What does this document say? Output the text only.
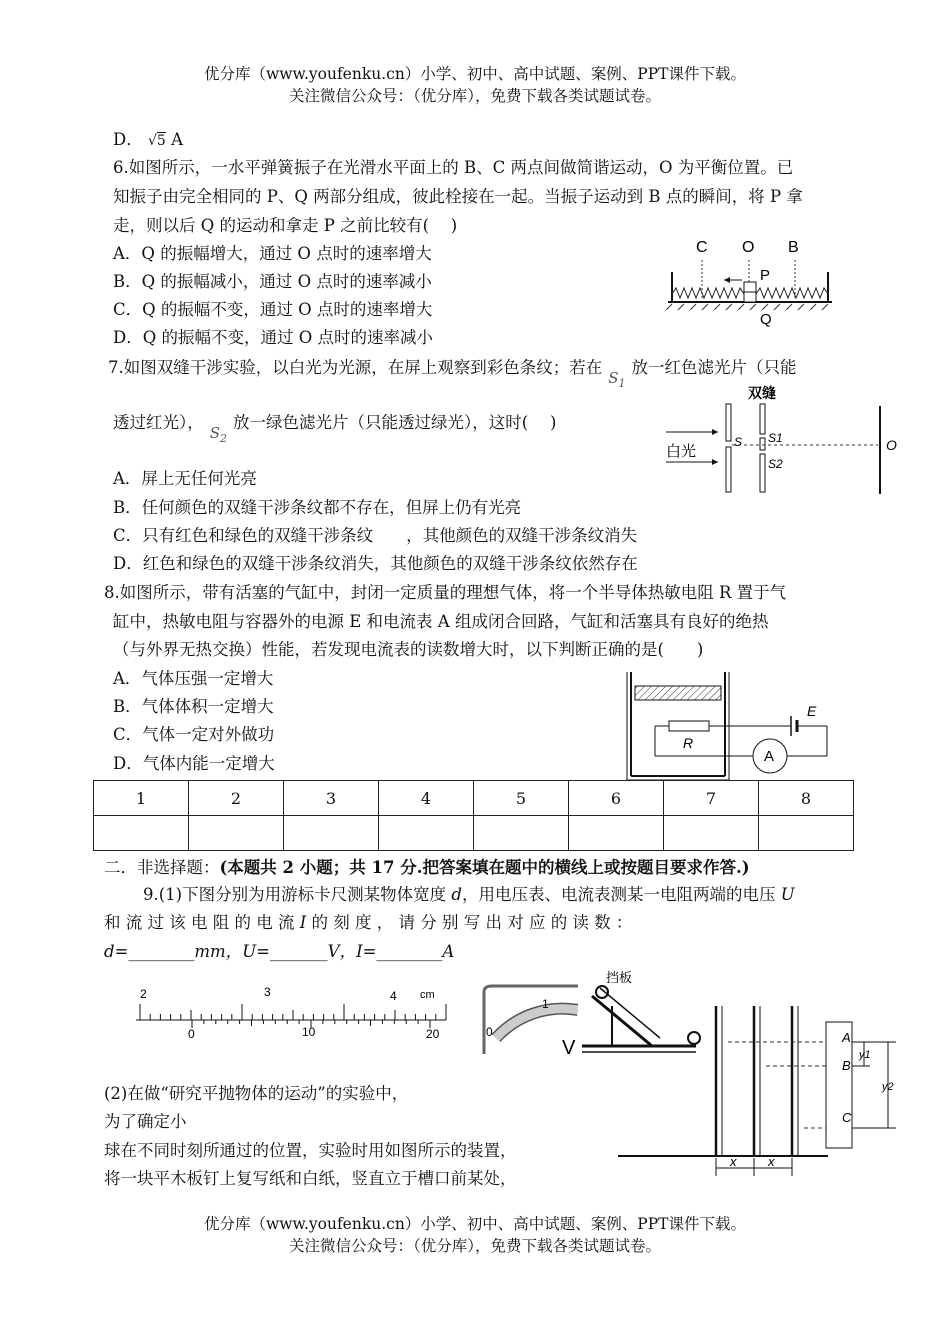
优分库（www.youfenku.cn）小学、初中、高中试题、案例、PPT课件下载。
关注微信公众号：（优分库），免费下载各类试题试卷。
D． √5 A
6.如图所示，一水平弹簧振子在光滑水平面上的 B、C 两点间做简谐运动，O 为平衡位置。已
知振子由完全相同的 P、Q 两部分组成，彼此栓接在一起。当振子运动到 B 点的瞬间，将 P 拿
走，则以后 Q 的运动和拿走 P 之前比较有(　 )
A．Q 的振幅增大，通过 O 点时的速率增大
B．Q 的振幅减小，通过 O 点时的速率减小
C．Q 的振幅不变，通过 O 点时的速率增大
D．Q 的振幅不变，通过 O 点时的速率减小
C O B
P
Q
7.如图双缝干涉实验，以白光为光源，在屏上观察到彩色条纹；若在$S_1$放一红色滤光片（只能
透过红光），$S_2$放一绿色滤光片（只能透过绿光），这时(　 )
A．屏上无任何光亮
B．任何颜色的双缝干涉条纹都不存在，但屏上仍有光亮
C．只有红色和绿色的双缝干涉条纹　　，其他颜色的双缝干涉条纹消失
D．红色和绿色的双缝干涉条纹消失，其他颜色的双缝干涉条纹依然存在
双缝
白光
S S1
S2
O
8.如图所示，带有活塞的气缸中，封闭一定质量的理想气体，将一个半导体热敏电阻 R 置于气
缸中，热敏电阻与容器外的电源 E 和电流表 A 组成闭合回路，气缸和活塞具有良好的绝热
（与外界无热交换）性能，若发现电流表的读数增大时，以下判断正确的是(　　)
A．气体压强一定增大
B．气体体积一定增大
C．气体一定对外做功
D．气体内能一定增大
R
E
A
1	2	3	4	5	6	7	8

二．非选择题：(本题共 2 小题；共 17 分.把答案填在题中的横线上或按题目要求作答.)
9.(1)下图分别为用游标卡尺测某物体宽度 d，用电压表、电流表测某一电阻两端的电压 U
和 流 过 该 电 阻 的 电 流 I 的 刻 度 ， 请 分 别 写 出 对 应 的 读 数 ：
d=________mm，U=_______V，I=________A
2	3	4 cm
0	10	20	0
1
V
(2)在做“研究平抛物体的运动”的实验中，
为了确定小
球在不同时刻所通过的位置，实验时用如图所示的装置，
将一块平木板钉上复写纸和白纸，竖直立于槽口前某处，
挡板
A
B
C
y1
y2
x x
优分库（www.youfenku.cn）小学、初中、高中试题、案例、PPT课件下载。
关注微信公众号：（优分库），免费下载各类试题试卷。
